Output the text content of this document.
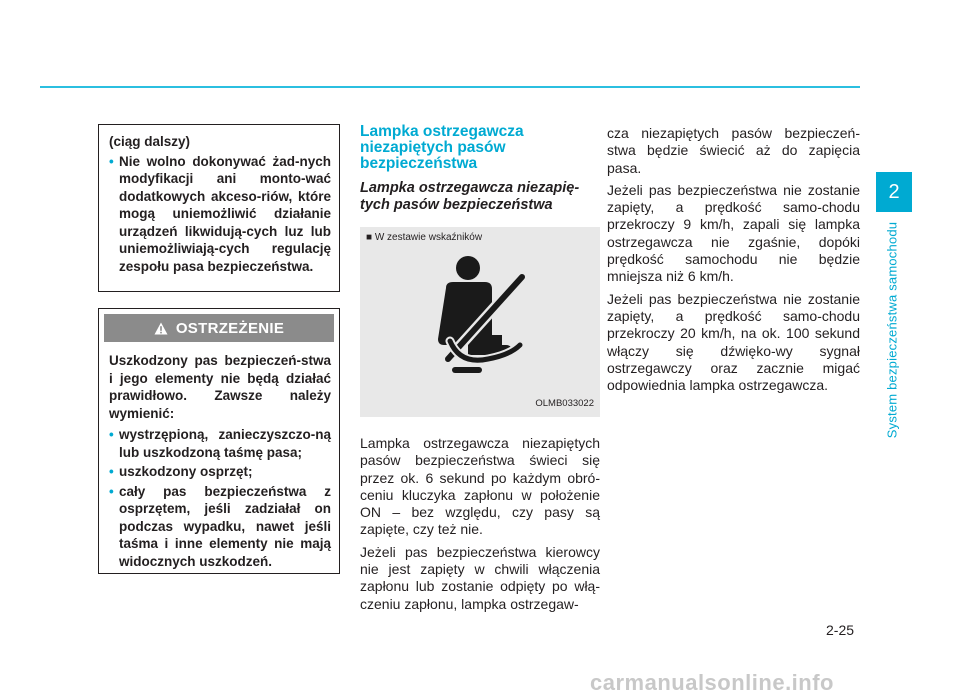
2
System bezpieczeństwa samochodu
(ciąg dalszy)
• Nie wolno dokonywać żad-nych modyfikacji ani monto-wać dodatkowych akceso-riów, które mogą uniemożliwić działanie urządzeń likwidują-cych luz lub uniemożliwiają-cych regulację zespołu pasa bezpieczeństwa.
OSTRZEŻENIE
Uszkodzony pas bezpieczeń-stwa i jego elementy nie będą działać prawidłowo. Zawsze należy wymienić:
• wystrzępioną, zanieczyszczo-ną lub uszkodzoną taśmę pasa;
• uszkodzony osprzęt;
• cały pas bezpieczeństwa z osprzętem, jeśli zadziałał on podczas wypadku, nawet jeśli taśma i inne elementy nie mają widocznych uszkodzeń.
Lampka ostrzegawcza niezapiętych pasów bezpieczeństwa
Lampka ostrzegawcza niezapię-tych pasów bezpieczeństwa
■ W zestawie wskaźników
OLMB033022

Lampka ostrzegawcza niezapiętych pasów bezpieczeństwa świeci się przez ok. 6 sekund po każdym obró-ceniu kluczyka zapłonu w położenie ON – bez względu, czy pasy są zapięte, czy też nie.

Jeżeli pas bezpieczeństwa kierowcy nie jest zapięty w chwili włączenia zapłonu lub zostanie odpięty po włą-czeniu zapłonu, lampka ostrzegaw-

cza niezapiętych pasów bezpieczeń-stwa będzie świecić aż do zapięcia pasa.

Jeżeli pas bezpieczeństwa nie zostanie zapięty, a prędkość samo-chodu przekroczy 9 km/h, zapali się lampka ostrzegawcza nie zgaśnie, dopóki prędkość samochodu nie będzie mniejsza niż 6 km/h.

Jeżeli pas bezpieczeństwa nie zostanie zapięty, a prędkość samo-chodu przekroczy 20 km/h, na ok. 100 sekund włączy się dźwięko-wy sygnał ostrzegawczy oraz zacznie migać odpowiednia lampka ostrzegawcza.

2-25
carmanualsonline.info
